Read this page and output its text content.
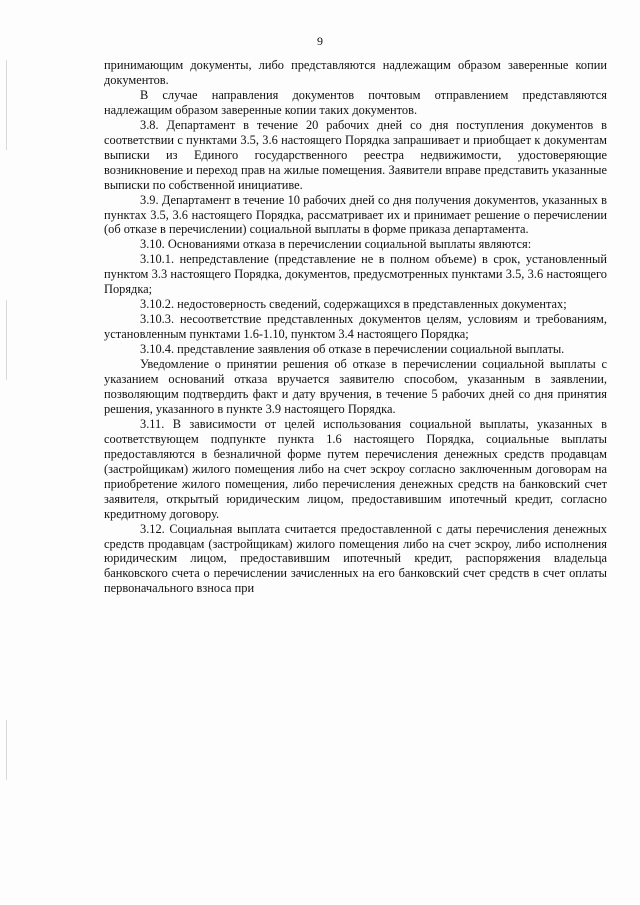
9

принимающим документы, либо представляются надлежащим образом заверенные копии документов.

В случае направления документов почтовым отправлением представляются надлежащим образом заверенные копии таких документов.

3.8. Департамент в течение 20 рабочих дней со дня поступления документов в соответствии с пунктами 3.5, 3.6 настоящего Порядка запрашивает и приобщает к документам выписки из Единого государственного реестра недвижимости, удостоверяющие возникновение и переход прав на жилые помещения. Заявители вправе представить указанные выписки по собственной инициативе.

3.9. Департамент в течение 10 рабочих дней со дня получения документов, указанных в пунктах 3.5, 3.6 настоящего Порядка, рассматривает их и принимает решение о перечислении (об отказе в перечислении) социальной выплаты в форме приказа департамента.

3.10. Основаниями отказа в перечислении социальной выплаты являются:

3.10.1. непредставление (представление не в полном объеме) в срок, установленный пунктом 3.3 настоящего Порядка, документов, предусмотренных пунктами 3.5, 3.6 настоящего Порядка;

3.10.2. недостоверность сведений, содержащихся в представленных документах;

3.10.3. несоответствие представленных документов целям, условиям и требованиям, установленным пунктами 1.6-1.10, пунктом 3.4 настоящего Порядка;

3.10.4. представление заявления об отказе в перечислении социальной выплаты.

Уведомление о принятии решения об отказе в перечислении социальной выплаты с указанием оснований отказа вручается заявителю способом, указанным в заявлении, позволяющим подтвердить факт и дату вручения, в течение 5 рабочих дней со дня принятия решения, указанного в пункте 3.9 настоящего Порядка.

3.11. В зависимости от целей использования социальной выплаты, указанных в соответствующем подпункте пункта 1.6 настоящего Порядка, социальные выплаты предоставляются в безналичной форме путем перечисления денежных средств продавцам (застройщикам) жилого помещения либо на счет эскроу согласно заключенным договорам на приобретение жилого помещения, либо перечисления денежных средств на банковский счет заявителя, открытый юридическим лицом, предоставившим ипотечный кредит, согласно кредитному договору.

3.12. Социальная выплата считается предоставленной с даты перечисления денежных средств продавцам (застройщикам) жилого помещения либо на счет эскроу, либо исполнения юридическим лицом, предоставившим ипотечный кредит, распоряжения владельца банковского счета о перечислении зачисленных на его банковский счет средств в счет оплаты первоначального взноса при
